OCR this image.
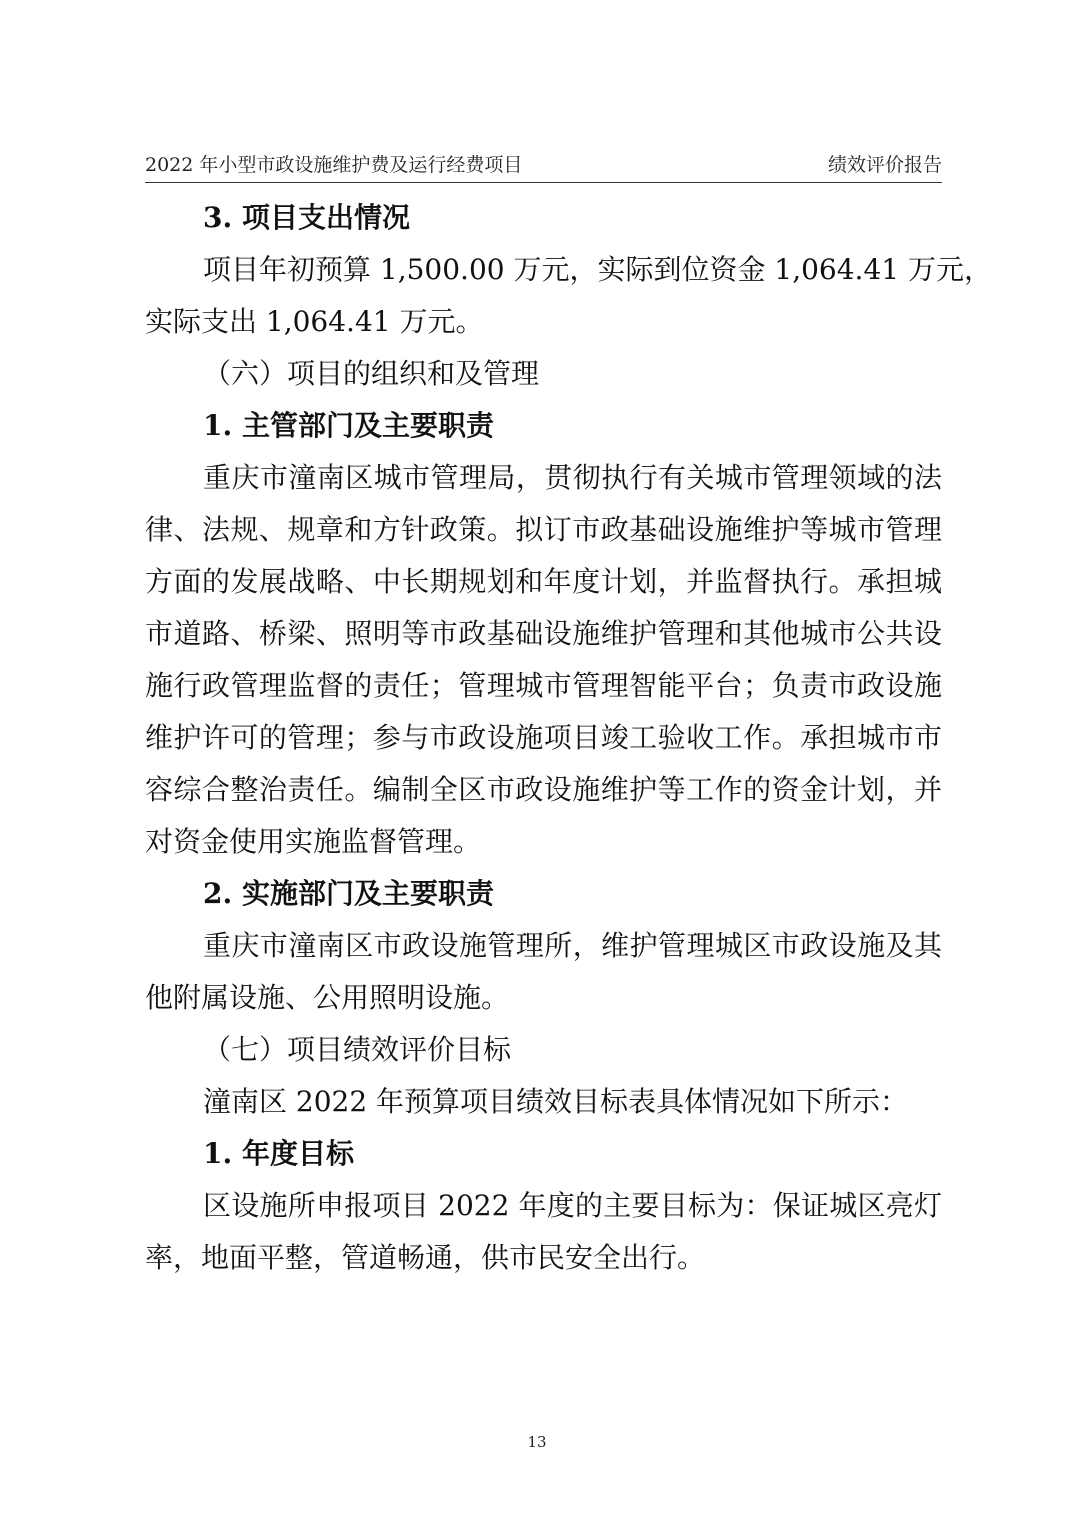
2022 年小型市政设施维护费及运行经费项目	绩效评价报告
3. 项目支出情况
项目年初预算 1,500.00 万元，实际到位资金 1,064.41 万元，
实际支出 1,064.41 万元。
（六）项目的组织和及管理
1. 主管部门及主要职责
重庆市潼南区城市管理局，贯彻执行有关城市管理领域的法
律、法规、规章和方针政策。拟订市政基础设施维护等城市管理
方面的发展战略、中长期规划和年度计划，并监督执行。承担城
市道路、桥梁、照明等市政基础设施维护管理和其他城市公共设
施行政管理监督的责任；管理城市管理智能平台；负责市政设施
维护许可的管理；参与市政设施项目竣工验收工作。承担城市市
容综合整治责任。编制全区市政设施维护等工作的资金计划，并
对资金使用实施监督管理。
2. 实施部门及主要职责
重庆市潼南区市政设施管理所，维护管理城区市政设施及其
他附属设施、公用照明设施。
（七）项目绩效评价目标
潼南区 2022 年预算项目绩效目标表具体情况如下所示：
1. 年度目标
区设施所申报项目 2022 年度的主要目标为：保证城区亮灯
率，地面平整，管道畅通，供市民安全出行。
13
